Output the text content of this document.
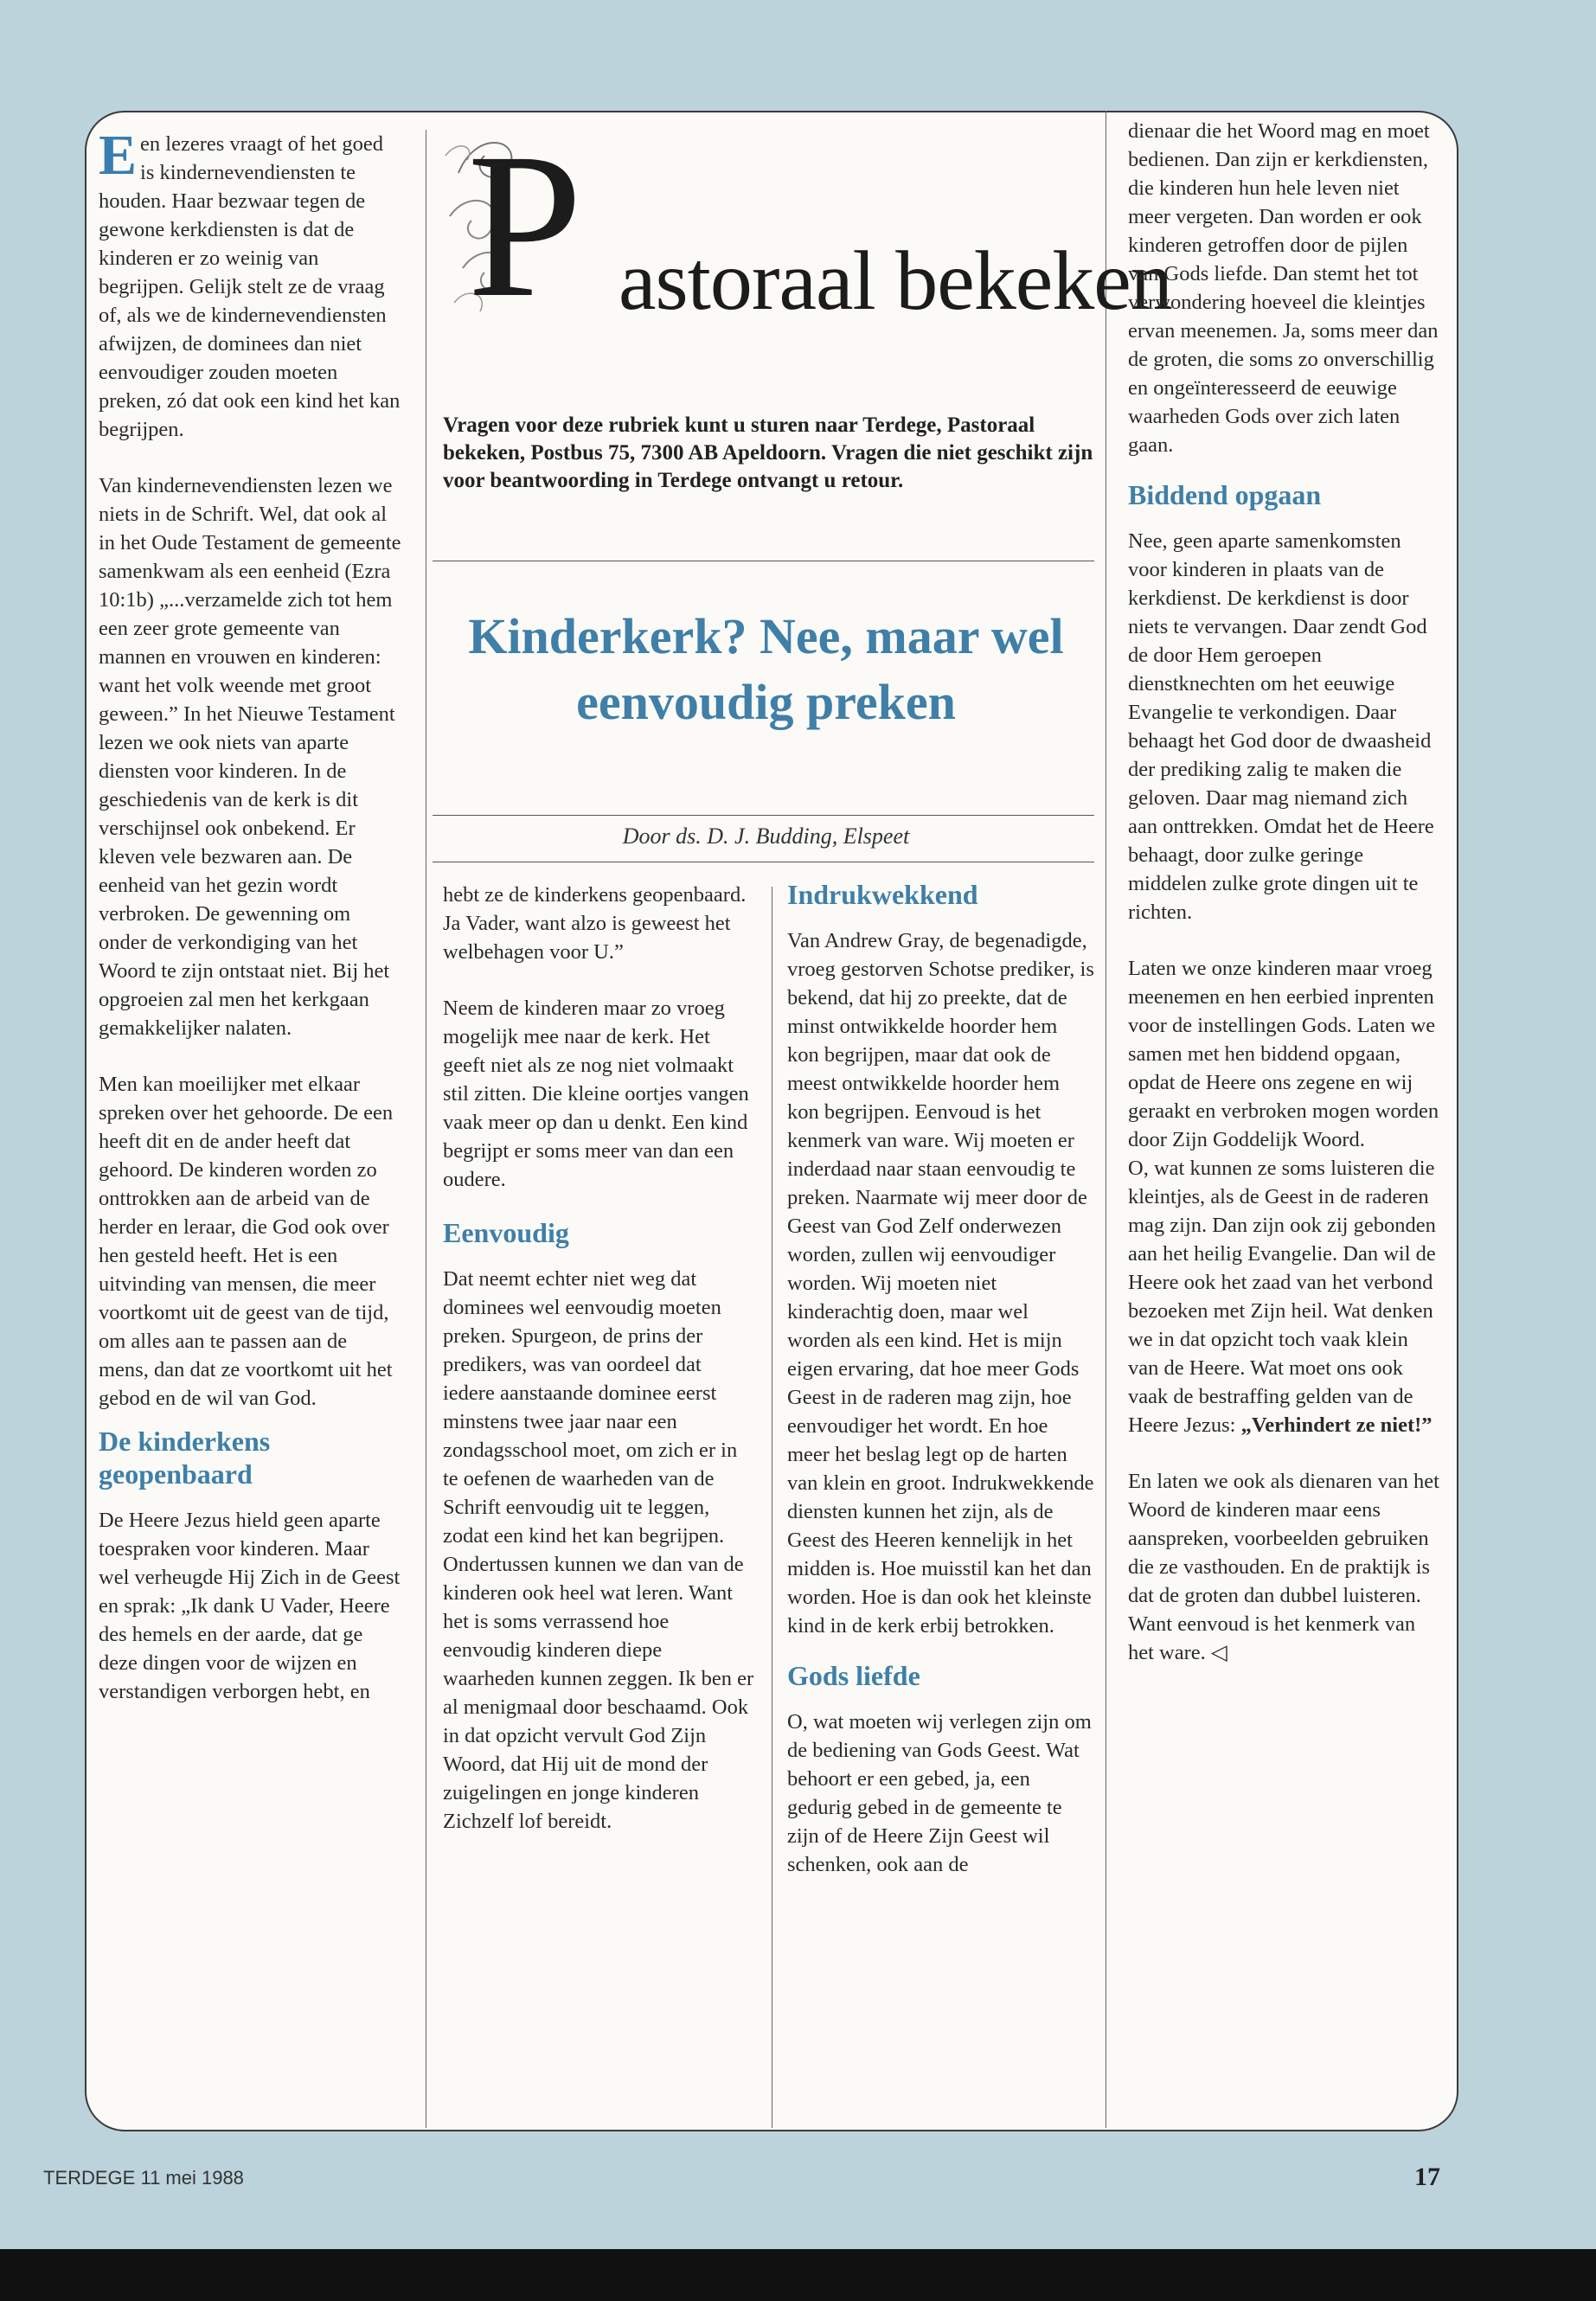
P astoraal bekeken
Vragen voor deze rubriek kunt u sturen naar Terdege, Pastoraal bekeken, Postbus 75, 7300 AB Apeldoorn. Vragen die niet geschikt zijn voor beantwoording in Terdege ontvangt u retour.
Kinderkerk? Nee, maar wel eenvoudig preken
Door ds. D. J. Budding, Elspeet

Een lezeres vraagt of het goed is kindernevendiensten te houden. Haar bezwaar tegen de gewone kerkdiensten is dat de kinderen er zo weinig van begrijpen. Gelijk stelt ze de vraag of, als we de kindernevendiensten afwijzen, de dominees dan niet eenvoudiger zouden moeten preken, zó dat ook een kind het kan begrijpen.

Van kindernevendiensten lezen we niets in de Schrift. Wel, dat ook al in het Oude Testament de gemeente samenkwam als een eenheid (Ezra 10:1b) „...verzamelde zich tot hem een zeer grote gemeente van mannen en vrouwen en kinderen: want het volk weende met groot geween.” In het Nieuwe Testament lezen we ook niets van aparte diensten voor kinderen. In de geschiedenis van de kerk is dit verschijnsel ook onbekend. Er kleven vele bezwaren aan. De eenheid van het gezin wordt verbroken. De gewenning om onder de verkondiging van het Woord te zijn ontstaat niet. Bij het opgroeien zal men het kerkgaan gemakkelijker nalaten.

Men kan moeilijker met elkaar spreken over het gehoorde. De een heeft dit en de ander heeft dat gehoord. De kinderen worden zo onttrokken aan de arbeid van de herder en leraar, die God ook over hen gesteld heeft. Het is een uitvinding van mensen, die meer voortkomt uit de geest van de tijd, om alles aan te passen aan de mens, dan dat ze voortkomt uit het gebod en de wil van God.

De kinderkens geopenbaard

De Heere Jezus hield geen aparte toespraken voor kinderen. Maar wel verheugde Hij Zich in de Geest en sprak: „Ik dank U Vader, Heere des hemels en der aarde, dat ge deze dingen voor de wijzen en verstandigen verborgen hebt, en

hebt ze de kinderkens geopenbaard. Ja Vader, want alzo is geweest het welbehagen voor U.”

Neem de kinderen maar zo vroeg mogelijk mee naar de kerk. Het geeft niet als ze nog niet volmaakt stil zitten. Die kleine oortjes vangen vaak meer op dan u denkt. Een kind begrijpt er soms meer van dan een oudere.

Eenvoudig

Dat neemt echter niet weg dat dominees wel eenvoudig moeten preken. Spurgeon, de prins der predikers, was van oordeel dat iedere aanstaande dominee eerst minstens twee jaar naar een zondagsschool moet, om zich er in te oefenen de waarheden van de Schrift eenvoudig uit te leggen, zodat een kind het kan begrijpen. Ondertussen kunnen we dan van de kinderen ook heel wat leren. Want het is soms verrassend hoe eenvoudig kinderen diepe waarheden kunnen zeggen. Ik ben er al menigmaal door beschaamd. Ook in dat opzicht vervult God Zijn Woord, dat Hij uit de mond der zuigelingen en jonge kinderen Zichzelf lof bereidt.

Indrukwekkend

Van Andrew Gray, de begenadigde, vroeg gestorven Schotse prediker, is bekend, dat hij zo preekte, dat de minst ontwikkelde hoorder hem kon begrijpen, maar dat ook de meest ontwikkelde hoorder hem kon begrijpen. Eenvoud is het kenmerk van ware. Wij moeten er inderdaad naar staan eenvoudig te preken. Naarmate wij meer door de Geest van God Zelf onderwezen worden, zullen wij eenvoudiger worden. Wij moeten niet kinderachtig doen, maar wel worden als een kind. Het is mijn eigen ervaring, dat hoe meer Gods Geest in de raderen mag zijn, hoe eenvoudiger het wordt. En hoe meer het beslag legt op de harten van klein en groot. Indrukwekkende diensten kunnen het zijn, als de Geest des Heeren kennelijk in het midden is. Hoe muisstil kan het dan worden. Hoe is dan ook het kleinste kind in de kerk erbij betrokken.

Gods liefde

O, wat moeten wij verlegen zijn om de bediening van Gods Geest. Wat behoort er een gebed, ja, een gedurig gebed in de gemeente te zijn of de Heere Zijn Geest wil schenken, ook aan de

dienaar die het Woord mag en moet bedienen. Dan zijn er kerkdiensten, die kinderen hun hele leven niet meer vergeten. Dan worden er ook kinderen getroffen door de pijlen van Gods liefde. Dan stemt het tot verwondering hoeveel die kleintjes ervan meenemen. Ja, soms meer dan de groten, die soms zo onverschillig en ongeïnteresseerd de eeuwige waarheden Gods over zich laten gaan.

Biddend opgaan

Nee, geen aparte samenkomsten voor kinderen in plaats van de kerkdienst. De kerkdienst is door niets te vervangen. Daar zendt God de door Hem geroepen dienstknechten om het eeuwige Evangelie te verkondigen. Daar behaagt het God door de dwaasheid der prediking zalig te maken die geloven. Daar mag niemand zich aan onttrekken. Omdat het de Heere behaagt, door zulke geringe middelen zulke grote dingen uit te richten.

Laten we onze kinderen maar vroeg meenemen en hen eerbied inprenten voor de instellingen Gods. Laten we samen met hen biddend opgaan, opdat de Heere ons zegene en wij geraakt en verbroken mogen worden door Zijn Goddelijk Woord.

O, wat kunnen ze soms luisteren die kleintjes, als de Geest in de raderen mag zijn. Dan zijn ook zij gebonden aan het heilig Evangelie. Dan wil de Heere ook het zaad van het verbond bezoeken met Zijn heil. Wat denken we in dat opzicht toch vaak klein van de Heere. Wat moet ons ook vaak de bestraffing gelden van de Heere Jezus: „Verhindert ze niet!”

En laten we ook als dienaren van het Woord de kinderen maar eens aanspreken, voorbeelden gebruiken die ze vasthouden. En de praktijk is dat de groten dan dubbel luisteren. Want eenvoud is het kenmerk van het ware. ◁

TERDEGE 11 mei 1988	17
